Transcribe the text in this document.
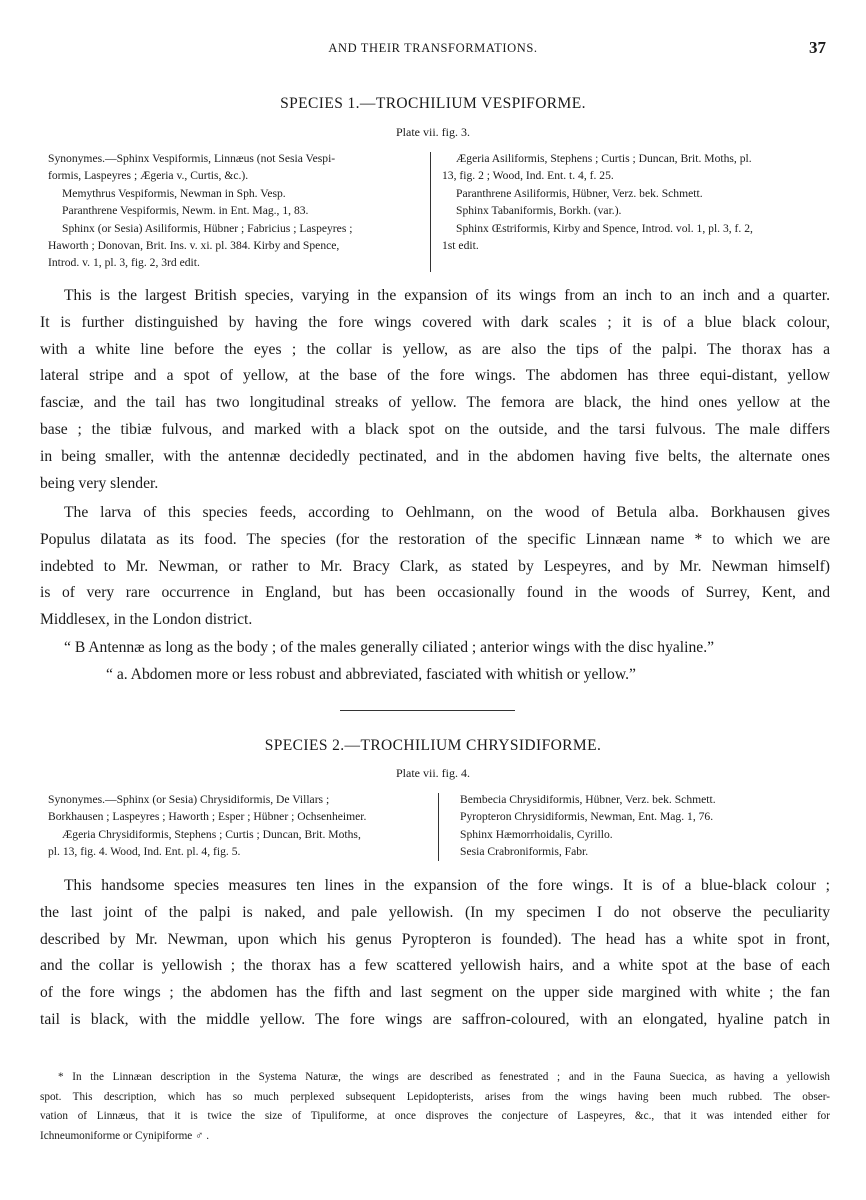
AND THEIR TRANSFORMATIONS.	37
SPECIES 1.—TROCHILIUM VESPIFORME.
Plate vii. fig. 3.
Synonymes.—Sphinx Vespiformis, Linnæus (not Sesia Vespi-
formis, Laspeyres ; Ægeria v., Curtis, &c.).
Memythrus Vespiformis, Newman in Sph. Vesp.
Paranthrene Vespiformis, Newm. in Ent. Mag., 1, 83.
Sphinx (or Sesia) Asiliformis, Hübner ; Fabricius ; Laspeyres ;
Haworth ; Donovan, Brit. Ins. v. xi. pl. 384. Kirby and Spence,
Introd. v. 1, pl. 3, fig. 2, 3rd edit.
Ægeria Asiliformis, Stephens ; Curtis ; Duncan, Brit. Moths, pl.
13, fig. 2 ; Wood, Ind. Ent. t. 4, f. 25.
Paranthrene Asiliformis, Hübner, Verz. bek. Schmett.
Sphinx Tabaniformis, Borkh. (var.).
Sphinx Œstriformis, Kirby and Spence, Introd. vol. 1, pl. 3, f. 2,
1st edit.
This is the largest British species, varying in the expansion of its wings from an inch to an inch and a quarter.
It is further distinguished by having the fore wings covered with dark scales ; it is of a blue black colour,
with a white line before the eyes ; the collar is yellow, as are also the tips of the palpi. The thorax has a
lateral stripe and a spot of yellow, at the base of the fore wings. The abdomen has three equi-distant, yellow
fasciæ, and the tail has two longitudinal streaks of yellow. The femora are black, the hind ones yellow at the
base ; the tibiæ fulvous, and marked with a black spot on the outside, and the tarsi fulvous. The male differs
in being smaller, with the antennæ decidedly pectinated, and in the abdomen having five belts, the alternate ones
being very slender.
The larva of this species feeds, according to Oehlmann, on the wood of Betula alba. Borkhausen gives
Populus dilatata as its food. The species (for the restoration of the specific Linnæan name * to which we are
indebted to Mr. Newman, or rather to Mr. Bracy Clark, as stated by Lespeyres, and by Mr. Newman himself)
is of very rare occurrence in England, but has been occasionally found in the woods of Surrey, Kent, and
Middlesex, in the London district.
“ B Antennæ as long as the body ; of the males generally ciliated ; anterior wings with the disc hyaline.”
“ a. Abdomen more or less robust and abbreviated, fasciated with whitish or yellow.”
SPECIES 2.—TROCHILIUM CHRYSIDIFORME.
Plate vii. fig. 4.
Synonymes.—Sphinx (or Sesia) Chrysidiformis, De Villars ;
Borkhausen ; Laspeyres ; Haworth ; Esper ; Hübner ; Ochsenheimer.
Ægeria Chrysidiformis, Stephens ; Curtis ; Duncan, Brit. Moths,
pl. 13, fig. 4. Wood, Ind. Ent. pl. 4, fig. 5.
Bembecia Chrysidiformis, Hübner, Verz. bek. Schmett.
Pyropteron Chrysidiformis, Newman, Ent. Mag. 1, 76.
Sphinx Hæmorrhoidalis, Cyrillo.
Sesia Crabroniformis, Fabr.
This handsome species measures ten lines in the expansion of the fore wings. It is of a blue-black colour ;
the last joint of the palpi is naked, and pale yellowish. (In my specimen I do not observe the peculiarity
described by Mr. Newman, upon which his genus Pyropteron is founded). The head has a white spot in front,
and the collar is yellowish ; the thorax has a few scattered yellowish hairs, and a white spot at the base of each
of the fore wings ; the abdomen has the fifth and last segment on the upper side margined with white ; the fan
tail is black, with the middle yellow. The fore wings are saffron-coloured, with an elongated, hyaline patch in
* In the Linnæan description in the Systema Naturæ, the wings are described as fenestrated ; and in the Fauna Suecica, as having a yellowish
spot. This description, which has so much perplexed subsequent Lepidopterists, arises from the wings having been much rubbed. The obser-
vation of Linnæus, that it is twice the size of Tipuliforme, at once disproves the conjecture of Laspeyres, &c., that it was intended either for
Ichneumoniforme or Cynipiforme ♂ .
